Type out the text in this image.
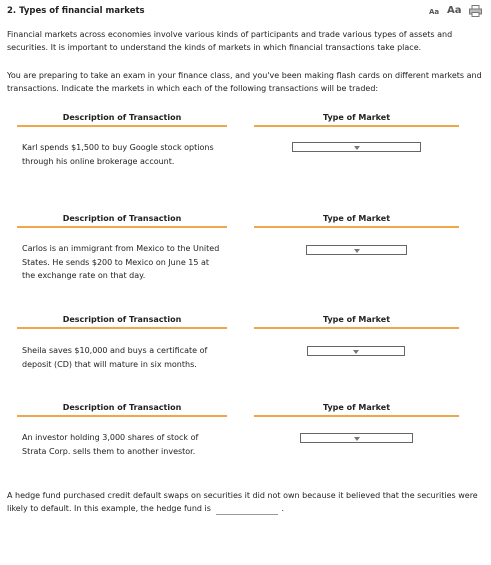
2. Types of financial markets	Aa Aa
Financial markets across economies involve various kinds of participants and trade various types of assets and securities. It is important to understand the kinds of markets in which financial transactions take place.
You are preparing to take an exam in your finance class, and you've been making flash cards on different markets and transactions. Indicate the markets in which each of the following transactions will be traded:
Description of Transaction	Type of Market
Karl spends $1,500 to buy Google stock options
through his online brokerage account.
Description of Transaction	Type of Market
Carlos is an immigrant from Mexico to the United
States. He sends $200 to Mexico on June 15 at
the exchange rate on that day.
Description of Transaction	Type of Market
Sheila saves $10,000 and buys a certificate of
deposit (CD) that will mature in six months.
Description of Transaction	Type of Market
An investor holding 3,000 shares of stock of
Strata Corp. sells them to another investor.
A hedge fund purchased credit default swaps on securities it did not own because it believed that the securities were likely to default. In this example, the hedge fund is	.
